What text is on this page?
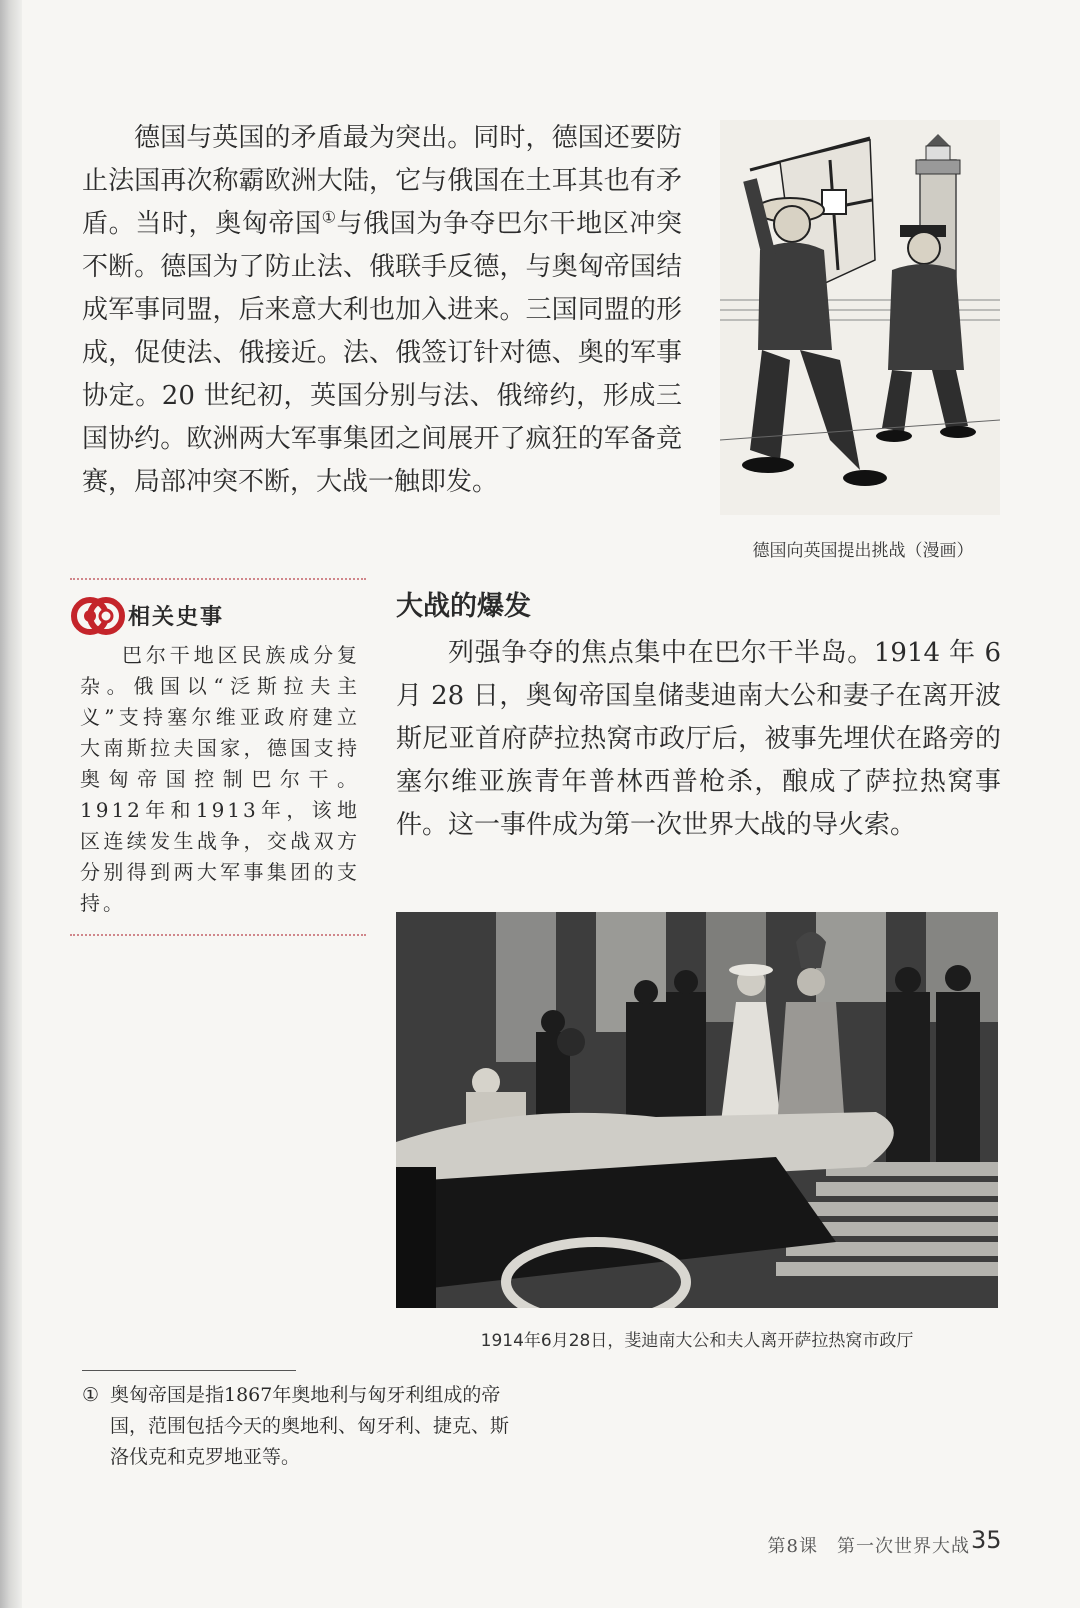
德国与英国的矛盾最为突出。同时，德国还要防止法国再次称霸欧洲大陆，它与俄国在土耳其也有矛盾。当时，奥匈帝国①与俄国为争夺巴尔干地区冲突不断。德国为了防止法、俄联手反德，与奥匈帝国结成军事同盟，后来意大利也加入进来。三国同盟的形成，促使法、俄接近。法、俄签订针对德、奥的军事协定。20 世纪初，英国分别与法、俄缔约，形成三国协约。欧洲两大军事集团之间展开了疯狂的军备竞赛，局部冲突不断，大战一触即发。

德国向英国提出挑战（漫画）
相关史事

巴尔干地区民族成分复杂。俄国以“泛斯拉夫主义”支持塞尔维亚政府建立大南斯拉夫国家，德国支持奥匈帝国控制巴尔干。1912年和1913年，该地区连续发生战争，交战双方分别得到两大军事集团的支持。

大战的爆发

列强争夺的焦点集中在巴尔干半岛。1914 年 6 月 28 日，奥匈帝国皇储斐迪南大公和妻子在离开波斯尼亚首府萨拉热窝市政厅后，被事先埋伏在路旁的塞尔维亚族青年普林西普枪杀，酿成了萨拉热窝事件。这一事件成为第一次世界大战的导火索。

1914年6月28日，斐迪南大公和夫人离开萨拉热窝市政厅

① 奥匈帝国是指1867年奥地利与匈牙利组成的帝国，范围包括今天的奥地利、匈牙利、捷克、斯洛伐克和克罗地亚等。

第8课　第一次世界大战 35
